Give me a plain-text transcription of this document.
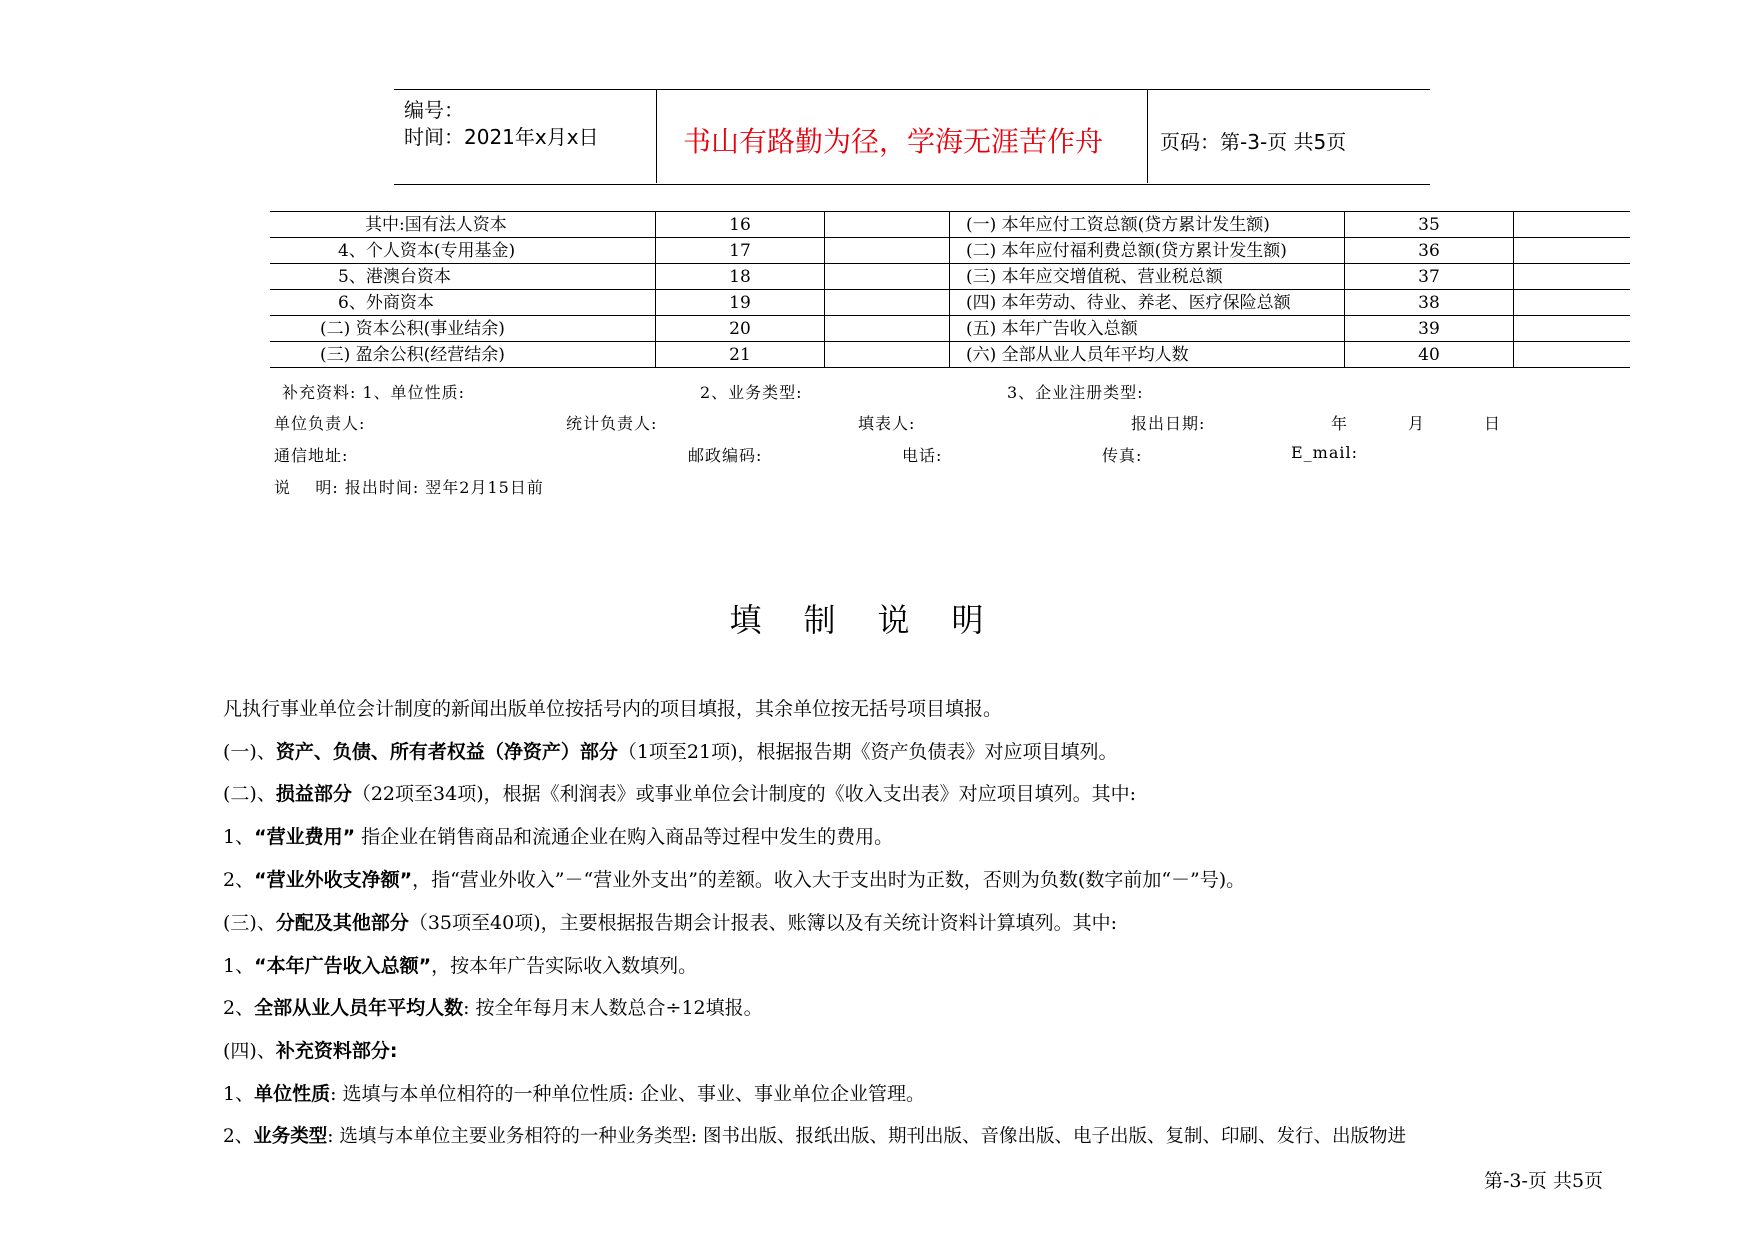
编号：
时间：2021年x月x日	书山有路勤为径，学海无涯苦作舟	页码：第-3-页 共5页
其中:国有法人资本	16		(一) 本年应付工资总额(贷方累计发生额)	35	
4、个人资本(专用基金)	17		(二) 本年应付福利费总额(贷方累计发生额)	36	
5、港澳台资本	18		(三) 本年应交增值税、营业税总额	37	
6、外商资本	19		(四) 本年劳动、待业、养老、医疗保险总额	38	
(二) 资本公积(事业结余)	20		(五) 本年广告收入总额	39	
(三) 盈余公积(经营结余)	21		(六) 全部从业人员年平均人数	40	
补充资料: 1、单位性质:	2、业务类型:	3、企业注册类型:
单位负责人:	统计负责人:	填表人:	报出日期:	年	月	日
通信地址:	邮政编码:	电话:	传真:	E_mail:
说    明: 报出时间: 翌年2月15日前
填制说明
凡执行事业单位会计制度的新闻出版单位按括号内的项目填报，其余单位按无括号项目填报。
(一)、资产、负债、所有者权益（净资产）部分（1项至21项)，根据报告期《资产负债表》对应项目填列。
(二)、损益部分（22项至34项)，根据《利润表》或事业单位会计制度的《收入支出表》对应项目填列。其中:
1、“营业费用” 指企业在销售商品和流通企业在购入商品等过程中发生的费用。
2、“营业外收支净额”，指“营业外收入”－“营业外支出”的差额。收入大于支出时为正数，否则为负数(数字前加“－”号)。
(三)、分配及其他部分（35项至40项)，主要根据报告期会计报表、账簿以及有关统计资料计算填列。其中:
1、“本年广告收入总额”，按本年广告实际收入数填列。
2、全部从业人员年平均人数: 按全年每月末人数总合÷12填报。
(四)、补充资料部分:
1、单位性质: 选填与本单位相符的一种单位性质: 企业、事业、事业单位企业管理。
2、业务类型: 选填与本单位主要业务相符的一种业务类型: 图书出版、报纸出版、期刊出版、音像出版、电子出版、复制、印刷、发行、出版物进
第-3-页 共5页
